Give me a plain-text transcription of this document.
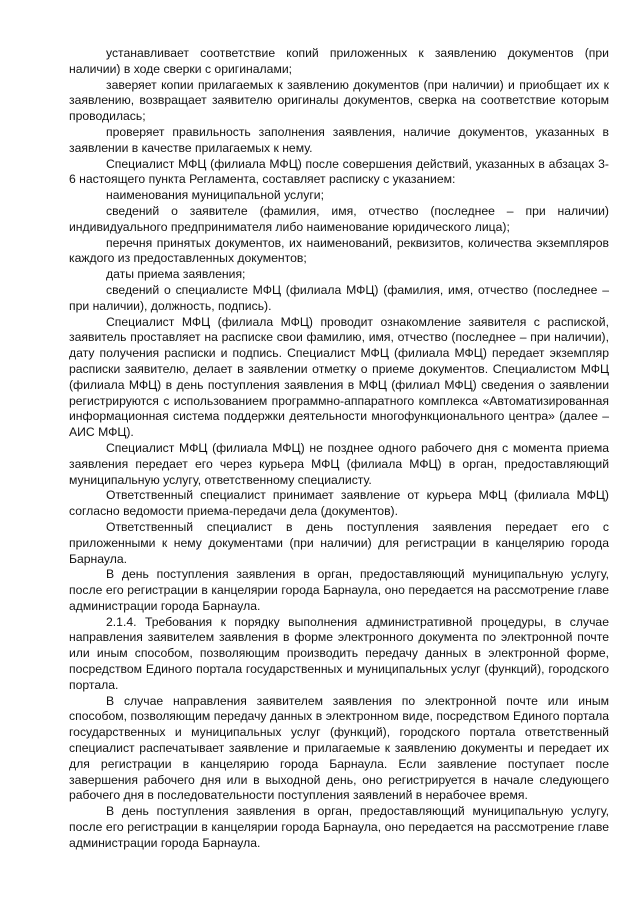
устанавливает соответствие копий приложенных к заявлению документов (при наличии) в ходе сверки с оригиналами;

заверяет копии прилагаемых к заявлению документов (при наличии) и приобщает их к заявлению, возвращает заявителю оригиналы документов, сверка на соответствие которым проводилась;

проверяет правильность заполнения заявления, наличие документов, указанных в заявлении в качестве прилагаемых к нему.

Специалист МФЦ (филиала МФЦ) после совершения действий, указанных в абзацах 3-6 настоящего пункта Регламента, составляет расписку с указанием:

наименования муниципальной услуги;

сведений о заявителе (фамилия, имя, отчество (последнее – при наличии) индивидуального предпринимателя либо наименование юридического лица);

перечня принятых документов, их наименований, реквизитов, количества экземпляров каждого из предоставленных документов;

даты приема заявления;

сведений о специалисте МФЦ (филиала МФЦ) (фамилия, имя, отчество (последнее – при наличии), должность, подпись).

Специалист МФЦ (филиала МФЦ) проводит ознакомление заявителя с распиской, заявитель проставляет на расписке свои фамилию, имя, отчество (последнее – при наличии), дату получения расписки и подпись. Специалист МФЦ (филиала МФЦ) передает экземпляр расписки заявителю, делает в заявлении отметку о приеме документов. Специалистом МФЦ (филиала МФЦ) в день поступления заявления в МФЦ (филиал МФЦ) сведения о заявлении регистрируются с использованием программно-аппаратного комплекса «Автоматизированная информационная система поддержки деятельности многофункционального центра» (далее – АИС МФЦ).

Специалист МФЦ (филиала МФЦ) не позднее одного рабочего дня с момента приема заявления передает его через курьера МФЦ (филиала МФЦ) в орган, предоставляющий муниципальную услугу, ответственному специалисту.

Ответственный специалист принимает заявление от курьера МФЦ (филиала МФЦ) согласно ведомости приема-передачи дела (документов).

Ответственный специалист в день поступления заявления передает его с приложенными к нему документами (при наличии) для регистрации в канцелярию города Барнаула.

В день поступления заявления в орган, предоставляющий муниципальную услугу, после его регистрации в канцелярии города Барнаула, оно передается на рассмотрение главе администрации города Барнаула.

2.1.4. Требования к порядку выполнения административной процедуры, в случае направления заявителем заявления в форме электронного документа по электронной почте или иным способом, позволяющим производить передачу данных в электронной форме, посредством Единого портала государственных и муниципальных услуг (функций), городского портала.

В случае направления заявителем заявления по электронной почте или иным способом, позволяющим передачу данных в электронном виде, посредством Единого портала государственных и муниципальных услуг (функций), городского портала ответственный специалист распечатывает заявление и прилагаемые к заявлению документы и передает их для регистрации в канцелярию города Барнаула. Если заявление поступает после завершения рабочего дня или в выходной день, оно регистрируется в начале следующего рабочего дня в последовательности поступления заявлений в нерабочее время.

В день поступления заявления в орган, предоставляющий муниципальную услугу, после его регистрации в канцелярии города Барнаула, оно передается на рассмотрение главе администрации города Барнаула.
